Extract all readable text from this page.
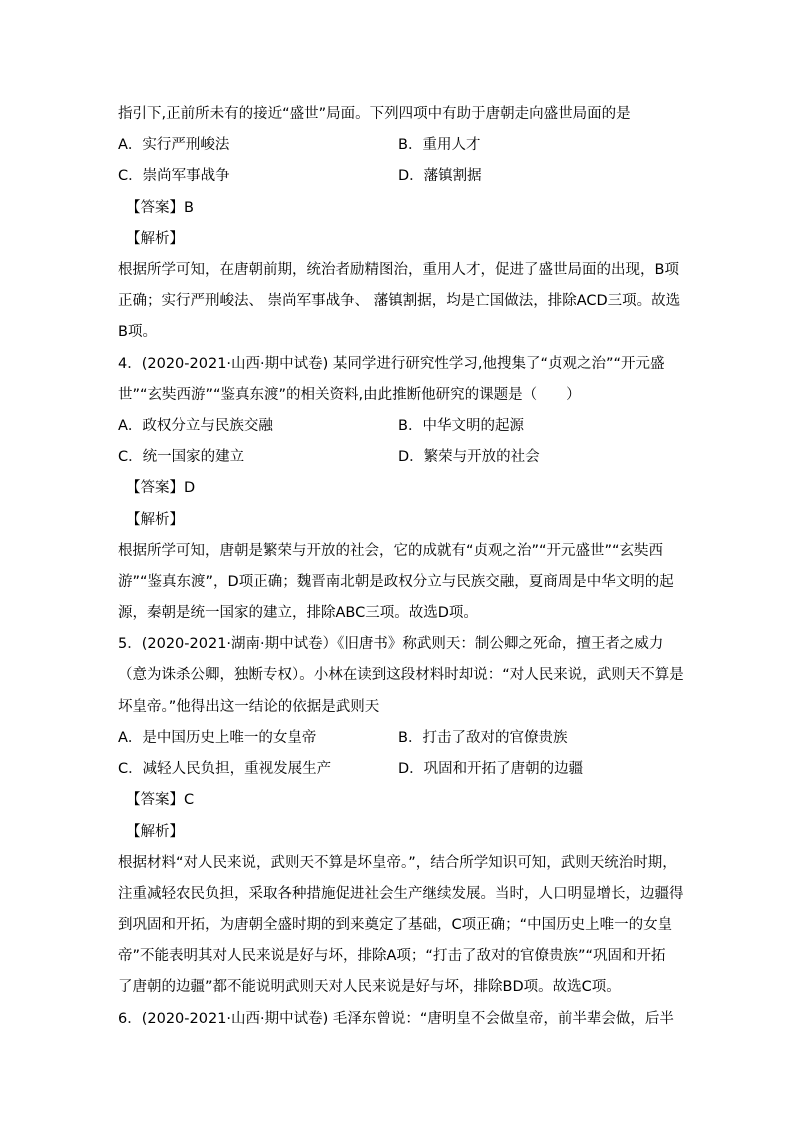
指引下,正前所未有的接近“盛世”局面。下列四项中有助于唐朝走向盛世局面的是
A．实行严刑峻法	B．重用人才
C．崇尚军事战争	D．藩镇割据
【答案】B
【解析】
根据所学可知，在唐朝前期，统治者励精图治，重用人才，促进了盛世局面的出现，B项
正确；实行严刑峻法、 崇尚军事战争、 藩镇割据，均是亡国做法，排除ACD三项。故选
B项。
4．(2020-2021·山西·期中试卷) 某同学进行研究性学习,他搜集了“贞观之治”“开元盛
世”“玄奘西游”“鉴真东渡”的相关资料,由此推断他研究的课题是（　　）
A．政权分立与民族交融	B．中华文明的起源
C．统一国家的建立	D．繁荣与开放的社会
【答案】D
【解析】
根据所学可知，唐朝是繁荣与开放的社会，它的成就有“贞观之治”“开元盛世”“玄奘西
游”“鉴真东渡”，D项正确；魏晋南北朝是政权分立与民族交融，夏商周是中华文明的起
源，秦朝是统一国家的建立，排除ABC三项。故选D项。
5．(2020-2021·湖南·期中试卷）《旧唐书》称武则天：制公卿之死命，擅王者之威力
（意为诛杀公卿，独断专权）。小林在读到这段材料时却说：“对人民来说，武则天不算是
坏皇帝。”他得出这一结论的依据是武则天
A．是中国历史上唯一的女皇帝	B．打击了敌对的官僚贵族
C．减轻人民负担，重视发展生产	D．巩固和开拓了唐朝的边疆
【答案】C
【解析】
根据材料“对人民来说，武则天不算是坏皇帝。”，结合所学知识可知，武则天统治时期，
注重减轻农民负担，采取各种措施促进社会生产继续发展。当时，人口明显增长，边疆得
到巩固和开拓，为唐朝全盛时期的到来奠定了基础，C项正确；“中国历史上唯一的女皇
帝”不能表明其对人民来说是好与坏，排除A项；“打击了敌对的官僚贵族”“巩固和开拓
了唐朝的边疆”都不能说明武则天对人民来说是好与坏，排除BD项。故选C项。
6．(2020-2021·山西·期中试卷) 毛泽东曾说：“唐明皇不会做皇帝，前半辈会做，后半
